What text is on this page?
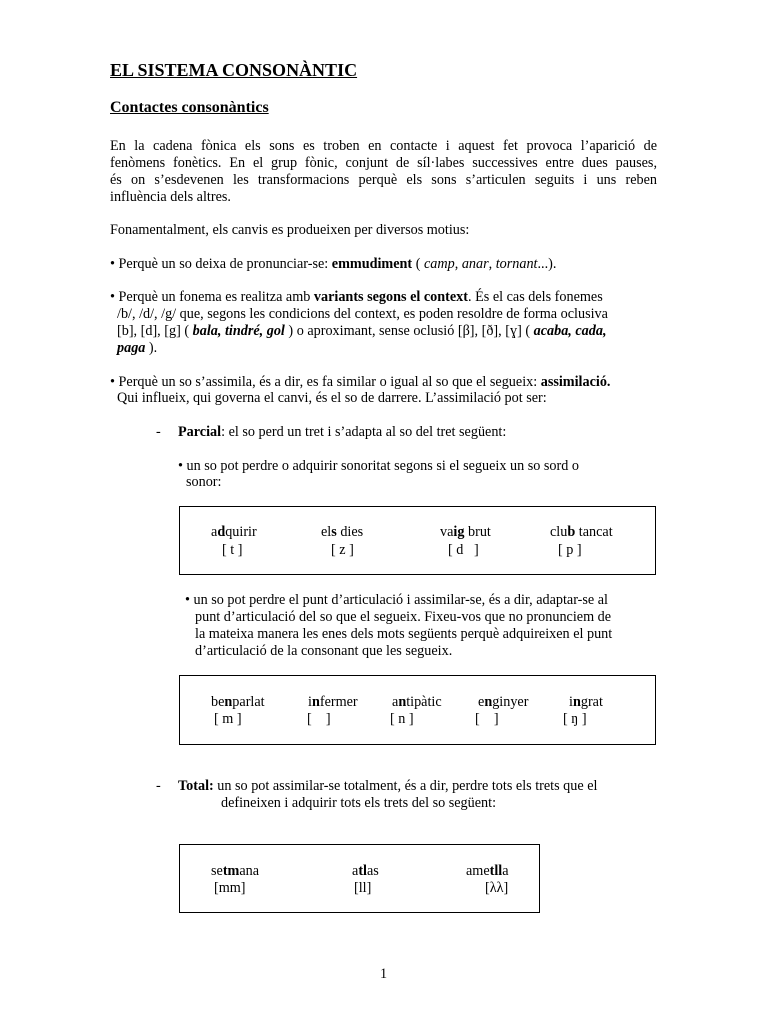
EL SISTEMA CONSONÀNTIC
Contactes consonàntics
En la cadena fònica els sons es troben en contacte i aquest fet provoca l’aparició de
fenòmens fonètics. En el grup fònic, conjunt de síl·labes successives entre dues pauses,
és on s’esdevenen les transformacions perquè els sons s’articulen seguits i uns reben
influència dels altres.
Fonamentalment, els canvis es produeixen per diversos motius:
• Perquè un so deixa de pronunciar-se: emmudiment ( camp, anar, tornant...).
• Perquè un fonema es realitza amb variants segons el context. És el cas dels fonemes
/b/, /d/, /g/ que, segons les condicions del context, es poden resoldre de forma oclusiva
[b], [d], [g] ( bala, tindré, gol ) o aproximant, sense oclusió [β], [ð], [ɣ] ( acaba, cada,
paga ).
• Perquè un so s’assimila, és a dir, es fa similar o igual al so que el segueix: assimilació.
Qui influeix, qui governa el canvi, és el so de darrere. L’assimilació pot ser:
- Parcial: el so perd un tret i s’adapta al so del tret següent:
• un so pot perdre o adquirir sonoritat segons si el segueix un so sord o
sonor:
adquirir
[ t ]
els dies
[ z ]
vaig brut
[ d   ]
club tancat
[ p ]
• un so pot perdre el punt d’articulació i assimilar-se, és a dir, adaptar-se al
punt d’articulació del so que el segueix. Fixeu-vos que no pronunciem de
la mateixa manera les enes dels mots següents perquè adquireixen el punt
d’articulació de la consonant que les segueix.
benparlat
[ m ]
infermer
[    ]
antipàtic
[ n ]
enginyer
[    ]
ingrat
[ ŋ ]
- Total: un so pot assimilar-se totalment, és a dir, perdre tots els trets que el
defineixen i adquirir tots els trets del so següent:
setmana
[mm]
atlas
[ll]
ametlla
[λλ]
1
